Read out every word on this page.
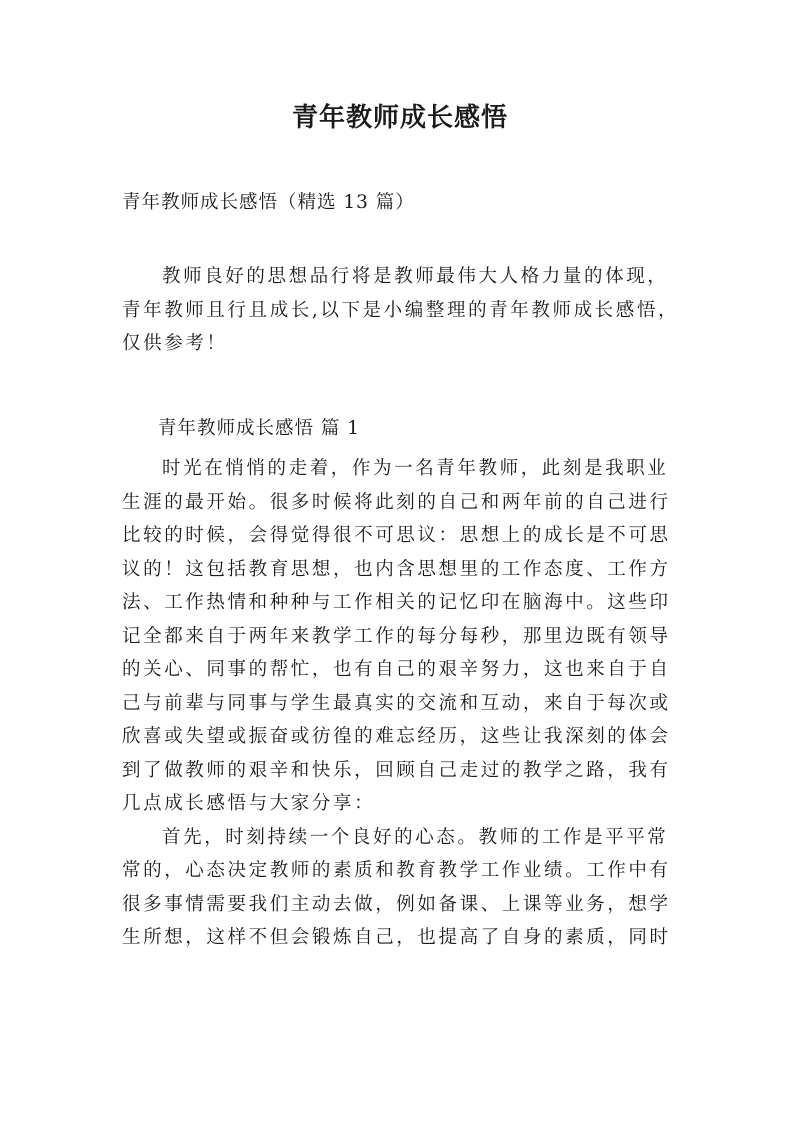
青年教师成长感悟

青年教师成长感悟（精选 13 篇）

教师良好的思想品行将是教师最伟大人格力量的体现，
青年教师且行且成长,以下是小编整理的青年教师成长感悟，
仅供参考！

青年教师成长感悟 篇 1

时光在悄悄的走着，作为一名青年教师，此刻是我职业
生涯的最开始。很多时候将此刻的自己和两年前的自己进行
比较的时候，会得觉得很不可思议：思想上的成长是不可思
议的！这包括教育思想，也内含思想里的工作态度、工作方
法、工作热情和种种与工作相关的记忆印在脑海中。这些印
记全都来自于两年来教学工作的每分每秒，那里边既有领导
的关心、同事的帮忙，也有自己的艰辛努力，这也来自于自
己与前辈与同事与学生最真实的交流和互动，来自于每次或
欣喜或失望或振奋或彷徨的难忘经历，这些让我深刻的体会
到了做教师的艰辛和快乐，回顾自己走过的教学之路，我有
几点成长感悟与大家分享：
首先，时刻持续一个良好的心态。教师的工作是平平常
常的，心态决定教师的素质和教育教学工作业绩。工作中有
很多事情需要我们主动去做，例如备课、上课等业务，想学
生所想，这样不但会锻炼自己，也提高了自身的素质，同时
